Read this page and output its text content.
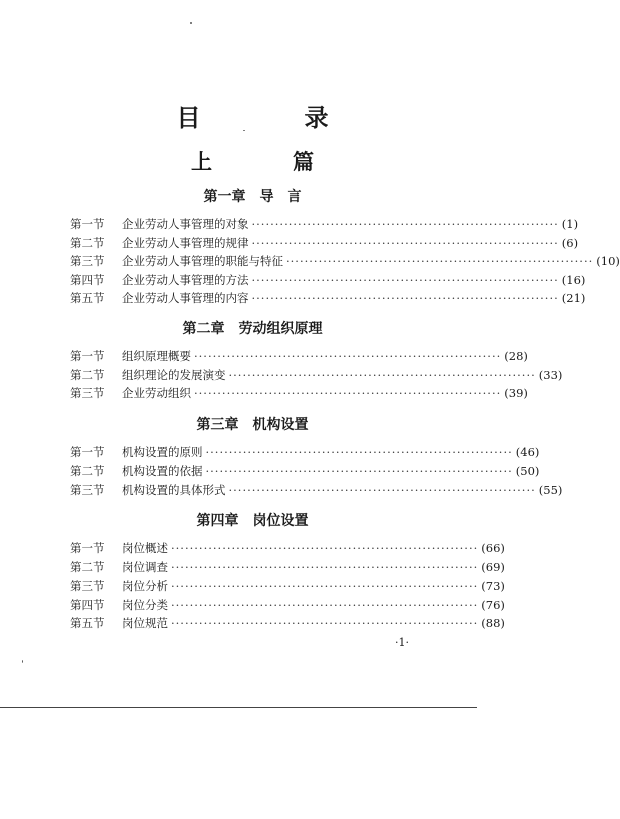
目　录
上　篇
第一章 导　言
第一节	企业劳动人事管理的对象 ·································································· (1)
第二节	企业劳动人事管理的规律 ·································································· (6)
第三节	企业劳动人事管理的职能与特征 ·································································· (10)
第四节	企业劳动人事管理的方法 ·································································· (16)
第五节	企业劳动人事管理的内容 ·································································· (21)
第二章 劳动组织原理
第一节	组织原理概要 ·································································· (28)
第二节	组织理论的发展演变 ·································································· (33)
第三节	企业劳动组织 ·································································· (39)
第三章 机构设置
第一节	机构设置的原则 ·································································· (46)
第二节	机构设置的依据 ·································································· (50)
第三节	机构设置的具体形式 ·································································· (55)
第四章 岗位设置
第一节	岗位概述 ·································································· (66)
第二节	岗位调查 ·································································· (69)
第三节	岗位分析 ·································································· (73)
第四节	岗位分类 ·································································· (76)
第五节	岗位规范 ·································································· (88)
·1·
